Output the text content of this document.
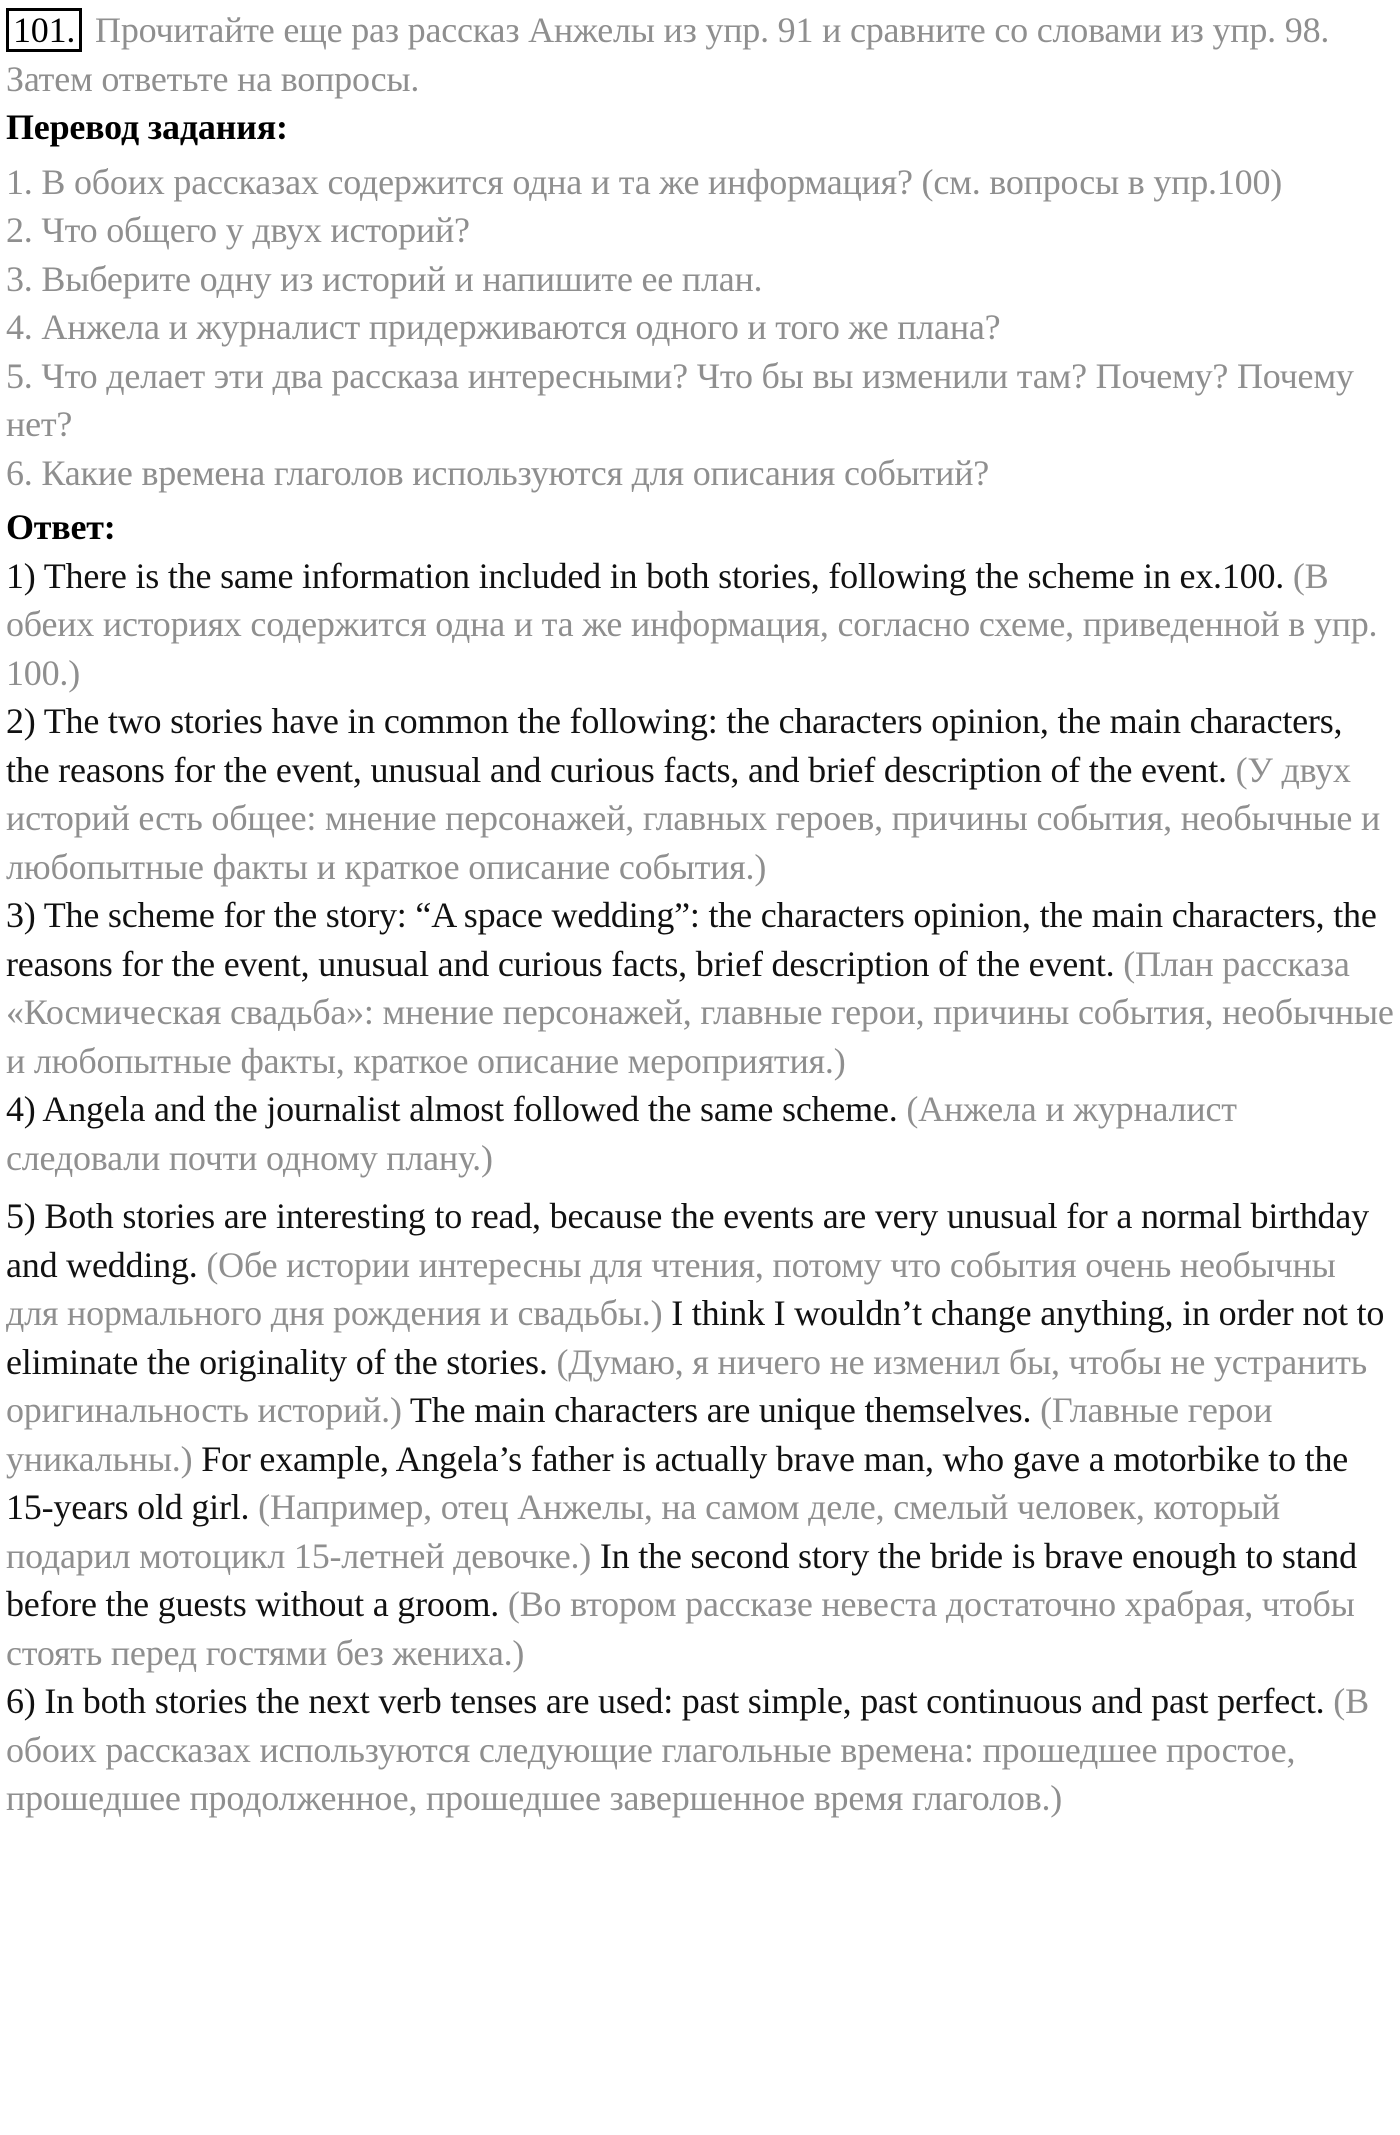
101. Прочитайте еще раз рассказ Анжелы из упр. 91 и сравните со словами из упр. 98. Затем ответьте на вопросы.

Перевод задания:

1. В обоих рассказах содержится одна и та же информация? (см. вопросы в упр.100)

2. Что общего у двух историй?

3. Выберите одну из историй и напишите ее план.

4. Анжела и журналист придерживаются одного и того же плана?

5. Что делает эти два рассказа интересными? Что бы вы изменили там? Почему? Почему нет?

6. Какие времена глаголов используются для описания событий?

Ответ:

1) There is the same information included in both stories, following the scheme in ex.100. (В обеих историях содержится одна и та же информация, согласно схеме, приведенной в упр. 100.)

2) The two stories have in common the following: the characters opinion, the main characters, the reasons for the event, unusual and curious facts, and brief description of the event. (У двух историй есть общее: мнение персонажей, главных героев, причины события, необычные и любопытные факты и краткое описание события.)

3) The scheme for the story: “A space wedding”: the characters opinion, the main characters, the reasons for the event, unusual and curious facts, brief description of the event. (План рассказа «Космическая свадьба»: мнение персонажей, главные герои, причины события, необычные и любопытные факты, краткое описание мероприятия.)

4) Angela and the journalist almost followed the same scheme. (Анжела и журналист следовали почти одному плану.)

5) Both stories are interesting to read, because the events are very unusual for a normal birthday and wedding. (Обе истории интересны для чтения, потому что события очень необычны для нормального дня рождения и свадьбы.) I think I wouldn’t change anything, in order not to eliminate the originality of the stories. (Думаю, я ничего не изменил бы, чтобы не устранить оригинальность историй.) The main characters are unique themselves. (Главные герои уникальны.) For example, Angela’s father is actually brave man, who gave a motorbike to the 15-years old girl. (Например, отец Анжелы, на самом деле, смелый человек, который подарил мотоцикл 15-летней девочке.) In the second story the bride is brave enough to stand before the guests without a groom. (Во втором рассказе невеста достаточно храбрая, чтобы стоять перед гостями без жениха.)

6) In both stories the next verb tenses are used: past simple, past continuous and past perfect. (В обоих рассказах используются следующие глагольные времена: прошедшее простое, прошедшее продолженное, прошедшее завершенное время глаголов.)
